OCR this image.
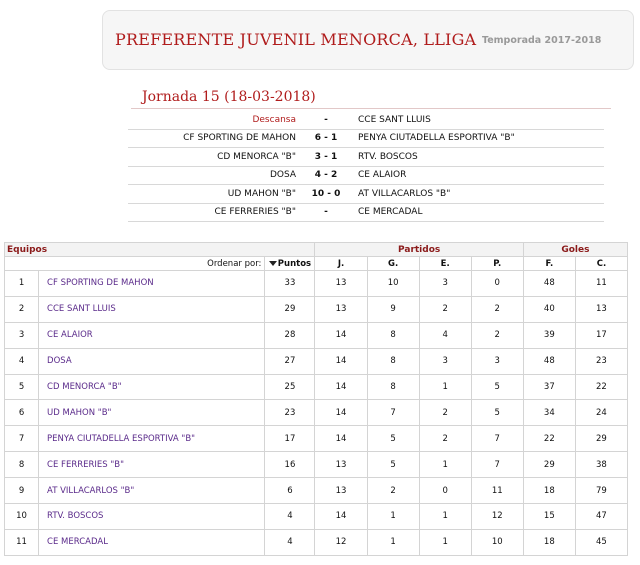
PREFERENTE JUVENIL MENORCA, LLIGA Temporada 2017-2018
Jornada 15 (18-03-2018)
Descansa	-	CCE SANT LLUIS
CF SPORTING DE MAHON	6 - 1	PENYA CIUTADELLA ESPORTIVA "B"
CD MENORCA "B"	3 - 1	RTV. BOSCOS
DOSA	4 - 2	CE ALAIOR
UD MAHON "B"	10 - 0	AT VILLACARLOS "B"
CE FERRERIES "B"	-	CE MERCADAL
Equipos			Partidos				Goles	
Ordenar por:		Puntos	J.	G.	E.	P.	F.	C.
1	CF SPORTING DE MAHON	33	13	10	3	0	48	11
2	CCE SANT LLUIS	29	13	9	2	2	40	13
3	CE ALAIOR	28	14	8	4	2	39	17
4	DOSA	27	14	8	3	3	48	23
5	CD MENORCA "B"	25	14	8	1	5	37	22
6	UD MAHON "B"	23	14	7	2	5	34	24
7	PENYA CIUTADELLA ESPORTIVA "B"	17	14	5	2	7	22	29
8	CE FERRERIES "B"	16	13	5	1	7	29	38
9	AT VILLACARLOS "B"	6	13	2	0	11	18	79
10	RTV. BOSCOS	4	14	1	1	12	15	47
11	CE MERCADAL	4	12	1	1	10	18	45
